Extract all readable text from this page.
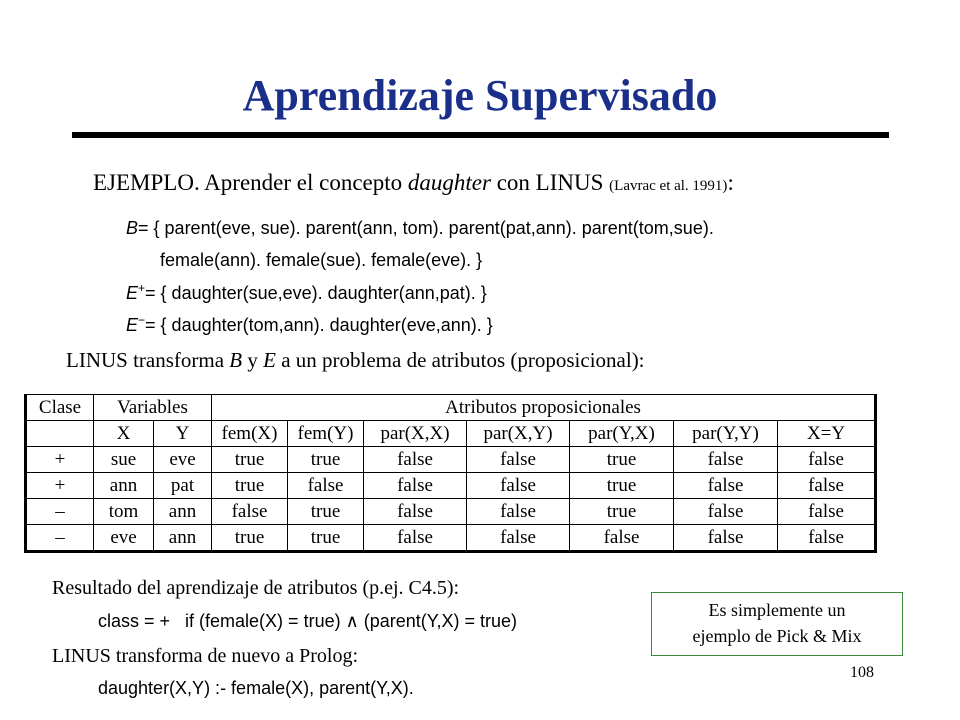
Aprendizaje Supervisado
EJEMPLO. Aprender el concepto daughter con LINUS (Lavrac et al. 1991):
B= { parent(eve, sue). parent(ann, tom). parent(pat,ann). parent(tom,sue).
female(ann). female(sue). female(eve). }
E+= { daughter(sue,eve). daughter(ann,pat). }
E−= { daughter(tom,ann). daughter(eve,ann). }
LINUS transforma B y E a un problema de atributos (proposicional):
Clase	Variables		Atributos proposicionales						
	X	Y	fem(X)	fem(Y)	par(X,X)	par(X,Y)	par(Y,X)	par(Y,Y)	X=Y
+	sue	eve	true	true	false	false	true	false	false
+	ann	pat	true	false	false	false	true	false	false
–	tom	ann	false	true	false	false	true	false	false
–	eve	ann	true	true	false	false	false	false	false
Resultado del aprendizaje de atributos (p.ej. C4.5):
class = +   if (female(X) = true) ∧ (parent(Y,X) = true)
LINUS transforma de nuevo a Prolog:
daughter(X,Y) :- female(X), parent(Y,X).
Es simplemente un
ejemplo de Pick & Mix
108
